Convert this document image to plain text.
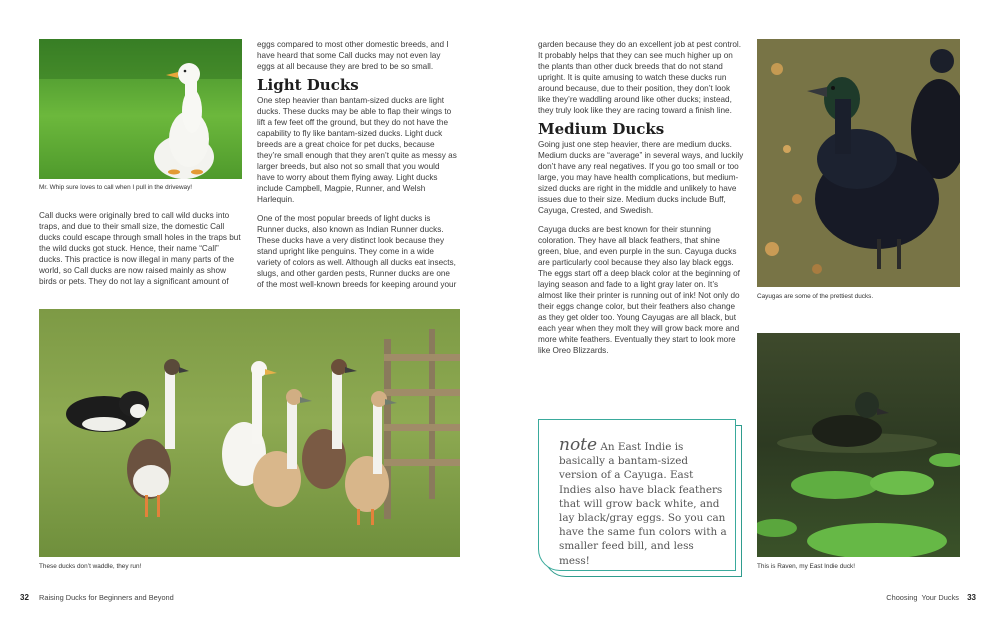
Mr. Whip sure loves to call when I pull in the driveway!

Call ducks were originally bred to call wild ducks into traps, and due to their small size, the domestic Call ducks could escape through small holes in the traps but the wild ducks got stuck. Hence, their name “Call” ducks. This practice is now illegal in many parts of the world, so Call ducks are now raised mainly as show birds or pets. They do not lay a significant amount of

eggs compared to most other domestic breeds, and I have heard that some Call ducks may not even lay eggs at all because they are bred to be so small.

Light Ducks

One step heavier than bantam-sized ducks are light ducks. These ducks may be able to flap their wings to lift a few feet off the ground, but they do not have the capability to fly like bantam-sized ducks. Light duck breeds are a great choice for pet ducks, because they’re small enough that they aren’t quite as messy as larger breeds, but also not so small that you would have to worry about them flying away. Light ducks include Campbell, Magpie, Runner, and Welsh Harlequin.

One of the most popular breeds of light ducks is Runner ducks, also known as Indian Runner ducks. These ducks have a very distinct look because they stand upright like penguins. They come in a wide variety of colors as well. Although all ducks eat insects, slugs, and other garden pests, Runner ducks are one of the most well-known breeds for keeping around your

These ducks don’t waddle, they run!
32 Raising Ducks for Beginners and Beyond

garden because they do an excellent job at pest control. It probably helps that they can see much higher up on the plants than other duck breeds that do not stand upright. It is quite amusing to watch these ducks run around because, due to their position, they don’t look like they’re waddling around like other ducks; instead, they truly look like they are racing toward a finish line.

Medium Ducks

Going just one step heavier, there are medium ducks. Medium ducks are “average” in several ways, and luckily don’t have any real negatives. If you go too small or too large, you may have health complications, but medium-sized ducks are right in the middle and unlikely to have issues due to their size. Medium ducks include Buff, Cayuga, Crested, and Swedish.

Cayuga ducks are best known for their stunning coloration. They have all black feathers, that shine green, blue, and even purple in the sun. Cayuga ducks are particularly cool because they also lay black eggs. The eggs start off a deep black color at the beginning of laying season and fade to a light gray later on. It’s almost like their printer is running out of ink! Not only do their eggs change color, but their feathers also change as they get older too. Young Cayugas are all black, but each year when they molt they will grow back more and more white feathers. Eventually they start to look more like Oreo Blizzards.

note An East Indie is basically a bantam-sized version of a Cayuga. East Indies also have black feathers that will grow back white, and lay black/gray eggs. So you can have the same fun colors with a smaller feed bill, and less mess!
Cayugas are some of the prettiest ducks.
This is Raven, my East Indie duck!
Choosing  Your Ducks 33
